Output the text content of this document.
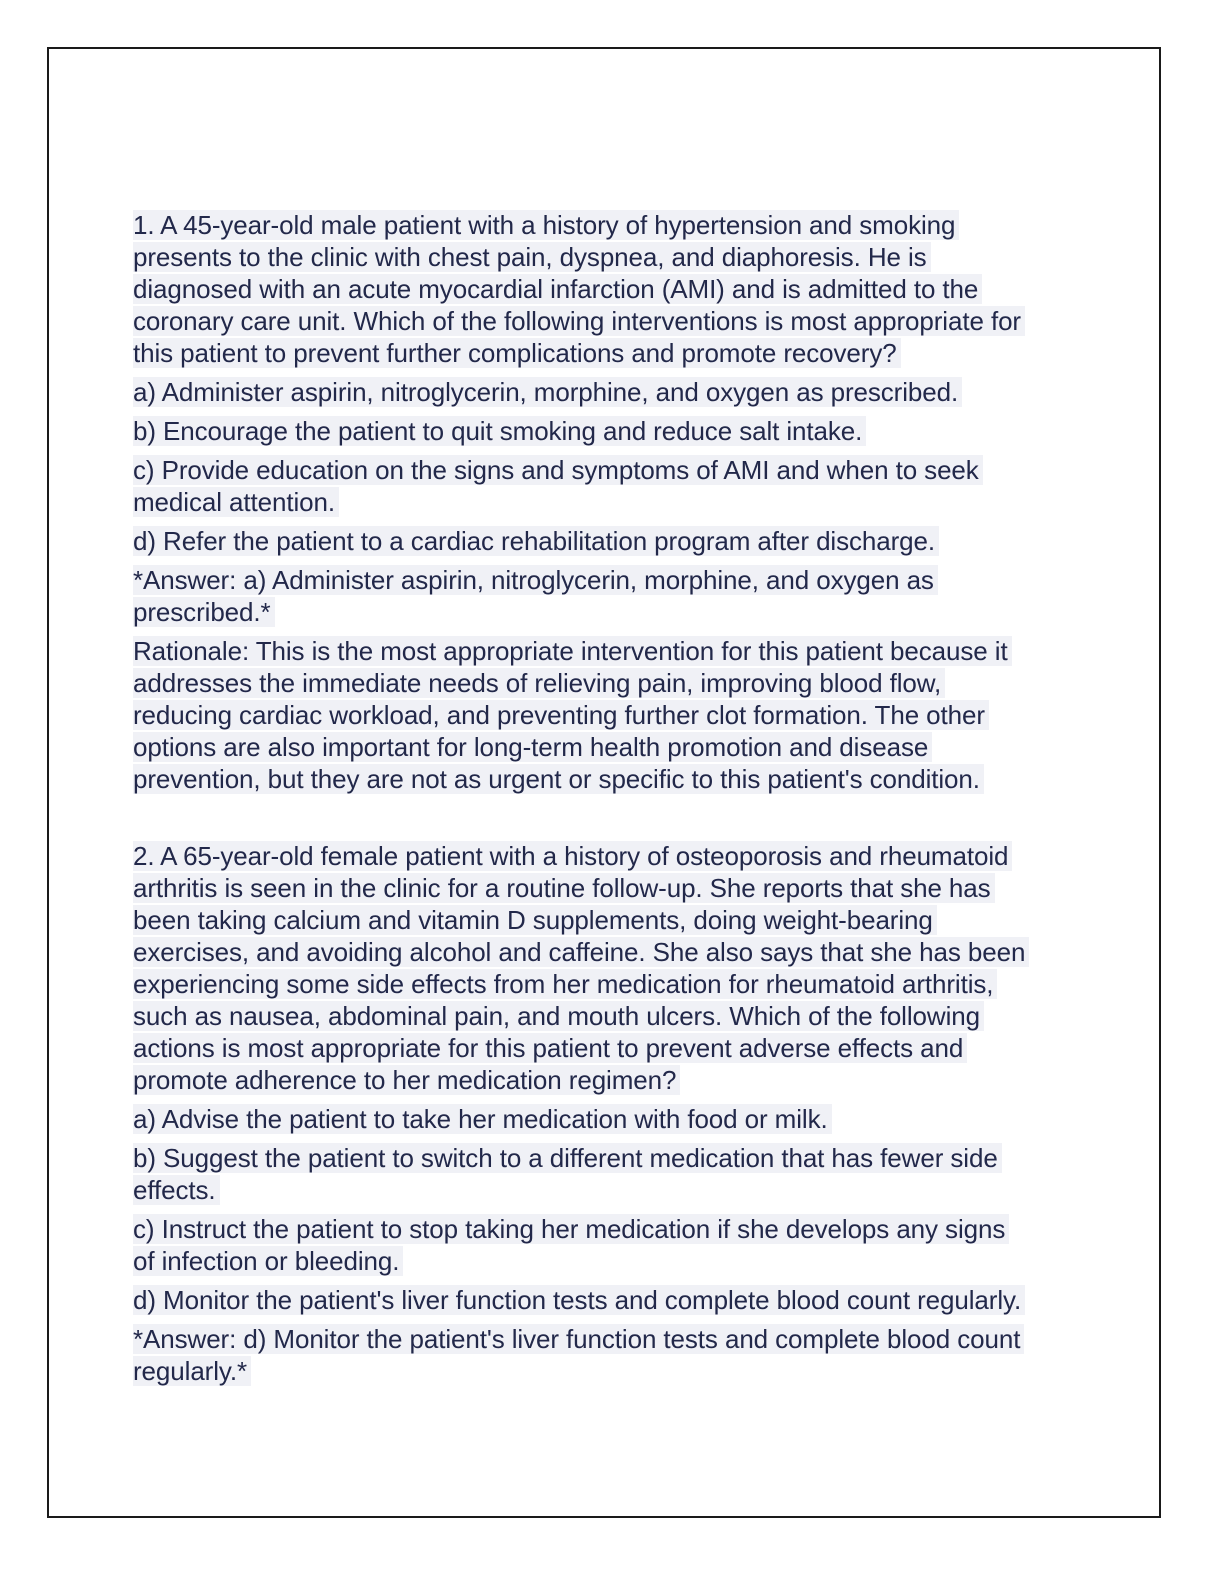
1. A 45-year-old male patient with a history of hypertension and smoking presents to the clinic with chest pain, dyspnea, and diaphoresis. He is diagnosed with an acute myocardial infarction (AMI) and is admitted to the coronary care unit. Which of the following interventions is most appropriate for this patient to prevent further complications and promote recovery?

a) Administer aspirin, nitroglycerin, morphine, and oxygen as prescribed.

b) Encourage the patient to quit smoking and reduce salt intake.

c) Provide education on the signs and symptoms of AMI and when to seek medical attention.

d) Refer the patient to a cardiac rehabilitation program after discharge.

*Answer: a) Administer aspirin, nitroglycerin, morphine, and oxygen as prescribed.*

Rationale: This is the most appropriate intervention for this patient because it addresses the immediate needs of relieving pain, improving blood flow, reducing cardiac workload, and preventing further clot formation. The other options are also important for long-term health promotion and disease prevention, but they are not as urgent or specific to this patient's condition.

2. A 65-year-old female patient with a history of osteoporosis and rheumatoid arthritis is seen in the clinic for a routine follow-up. She reports that she has been taking calcium and vitamin D supplements, doing weight-bearing exercises, and avoiding alcohol and caffeine. She also says that she has been experiencing some side effects from her medication for rheumatoid arthritis, such as nausea, abdominal pain, and mouth ulcers. Which of the following actions is most appropriate for this patient to prevent adverse effects and promote adherence to her medication regimen?

a) Advise the patient to take her medication with food or milk.

b) Suggest the patient to switch to a different medication that has fewer side effects.

c) Instruct the patient to stop taking her medication if she develops any signs of infection or bleeding.

d) Monitor the patient's liver function tests and complete blood count regularly.

*Answer: d) Monitor the patient's liver function tests and complete blood count regularly.*
